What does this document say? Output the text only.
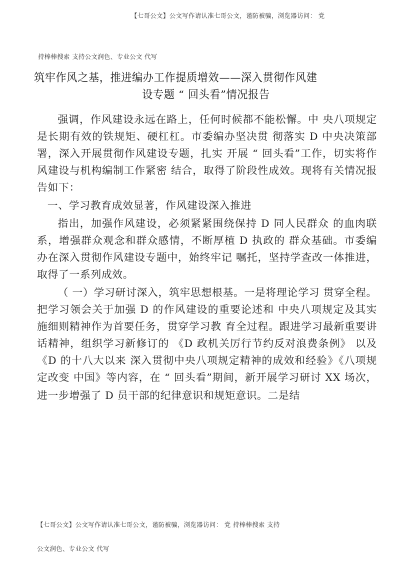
【七哥公文】公文写作请认准七哥公文，谨防被骗，浏览器访问： 党
持棒棒搜索 支持公文润色、专业公文 代写
筑牢作风之基，推进编办工作提质增效——深入贯彻作风建
设专题 “ 回头看”情况报告

强调，作风建设永远在路上，任何时候都不能松懈。中 央八项规定是长期有效的铁规矩、硬杠杠。市委编办坚决贯 彻落实 D 中央决策部署，深入开展贯彻作风建设专题，扎实 开展 “ 回头看”工作，切实将作风建设与机构编制工作紧密 结合，取得了阶段性成效。现将有关情况报告如下：

一、学习教育成效显著，作风建设深入推进

指出，加强作风建设，必须紧紧围绕保持 D 同人民群众 的血肉联系，增强群众观念和群众感情，不断厚植 D 执政的 群众基础。市委编办在深入贯彻作风建设专题中，始终牢记 嘱托，坚持学查改一体推进，取得了一系列成效。

（ 一）学习研讨深入，筑牢思想根基。一是将理论学习 贯穿全程。把学习领会关于加强 D 的作风建设的重要论述和 中央八项规定及其实施细则精神作为首要任务，贯穿学习教 育全过程。跟进学习最新重要讲话精神，组织学习新修订的 《D 政机关厉行节约反对浪费条例》 以及《D 的十八大以来 深入贯彻中央八项规定精神的成效和经验》《八项规定改变 中国》等内容，在 “ 回头看”期间，新开展学习研讨 XX 场次，进一步增强了 D 员干部的纪律意识和规矩意识。二是结

【七哥公文】公文写作请认准七哥公文，谨防被骗，浏览器访问： 党 持棒棒搜索 支持
公文润色、专业公文 代写
